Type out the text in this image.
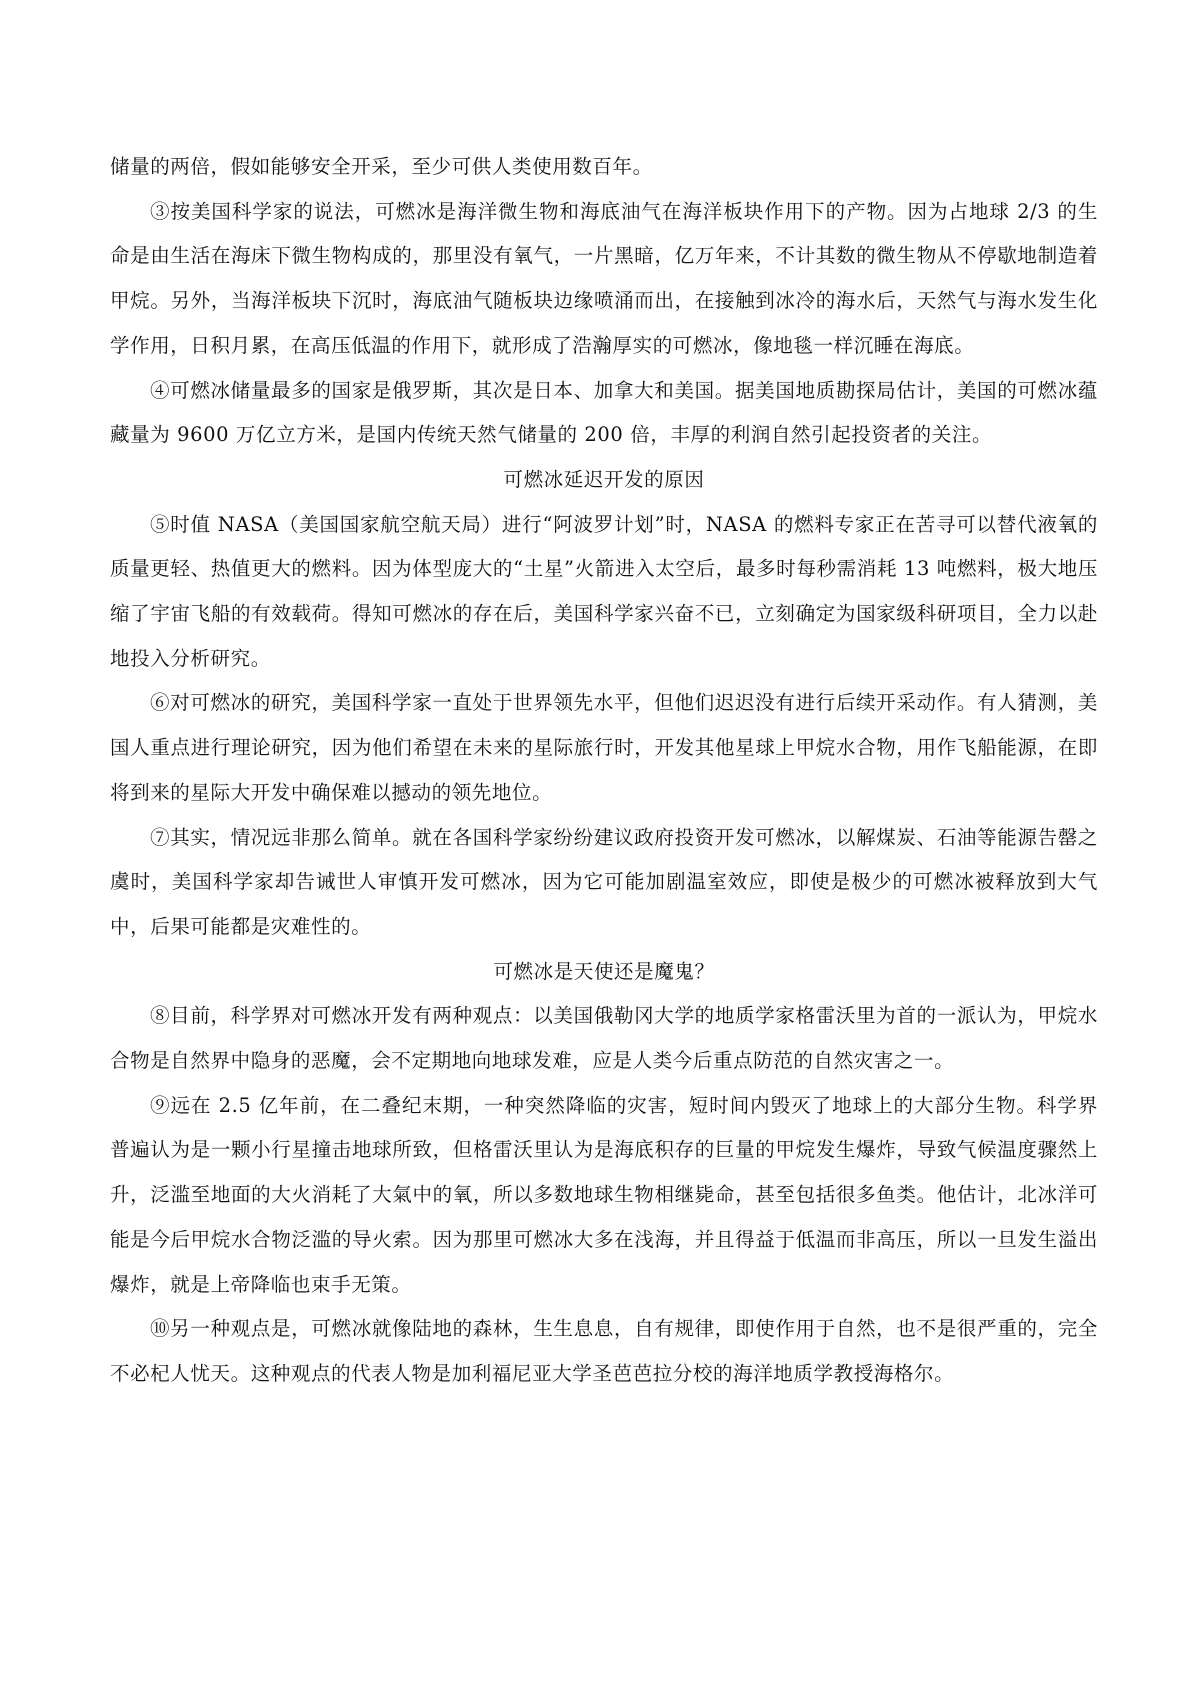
储量的两倍，假如能够安全开采，至少可供人类使用数百年。

③按美国科学家的说法，可燃冰是海洋微生物和海底油气在海洋板块作用下的产物。因为占地球 2/3 的生命是由生活在海床下微生物构成的，那里没有氧气，一片黑暗，亿万年来，不计其数的微生物从不停歇地制造着甲烷。另外，当海洋板块下沉时，海底油气随板块边缘喷涌而出，在接触到冰冷的海水后，天然气与海水发生化学作用，日积月累，在高压低温的作用下，就形成了浩瀚厚实的可燃冰，像地毯一样沉睡在海底。

④可燃冰储量最多的国家是俄罗斯，其次是日本、加拿大和美国。据美国地质勘探局估计，美国的可燃冰蕴藏量为 9600 万亿立方米，是国内传统天然气储量的 200 倍，丰厚的利润自然引起投资者的关注。

可燃冰延迟开发的原因

⑤时值 NASA（美国国家航空航天局）进行“阿波罗计划”时，NASA 的燃料专家正在苦寻可以替代液氧的质量更轻、热值更大的燃料。因为体型庞大的“土星”火箭进入太空后，最多时每秒需消耗 13 吨燃料，极大地压缩了宇宙飞船的有效载荷。得知可燃冰的存在后，美国科学家兴奋不已，立刻确定为国家级科研项目，全力以赴地投入分析研究。

⑥对可燃冰的研究，美国科学家一直处于世界领先水平，但他们迟迟没有进行后续开采动作。有人猜测，美国人重点进行理论研究，因为他们希望在未来的星际旅行时，开发其他星球上甲烷水合物，用作飞船能源，在即将到来的星际大开发中确保难以撼动的领先地位。

⑦其实，情况远非那么简单。就在各国科学家纷纷建议政府投资开发可燃冰，以解煤炭、石油等能源告罄之虞时，美国科学家却告诫世人审慎开发可燃冰，因为它可能加剧温室效应，即使是极少的可燃冰被释放到大气中，后果可能都是灾难性的。

可燃冰是天使还是魔鬼？

⑧目前，科学界对可燃冰开发有两种观点：以美国俄勒冈大学的地质学家格雷沃里为首的一派认为，甲烷水合物是自然界中隐身的恶魔，会不定期地向地球发难，应是人类今后重点防范的自然灾害之一。

⑨远在 2.5 亿年前，在二叠纪末期，一种突然降临的灾害，短时间内毁灭了地球上的大部分生物。科学界普遍认为是一颗小行星撞击地球所致，但格雷沃里认为是海底积存的巨量的甲烷发生爆炸，导致气候温度骤然上升，泛滥至地面的大火消耗了大氣中的氧，所以多数地球生物相继毙命，甚至包括很多鱼类。他估计，北冰洋可能是今后甲烷水合物泛滥的导火索。因为那里可燃冰大多在浅海，并且得益于低温而非高压，所以一旦发生溢出爆炸，就是上帝降临也束手无策。

⑩另一种观点是，可燃冰就像陆地的森林，生生息息，自有规律，即使作用于自然，也不是很严重的，完全不必杞人忧天。这种观点的代表人物是加利福尼亚大学圣芭芭拉分校的海洋地质学教授海格尔。
